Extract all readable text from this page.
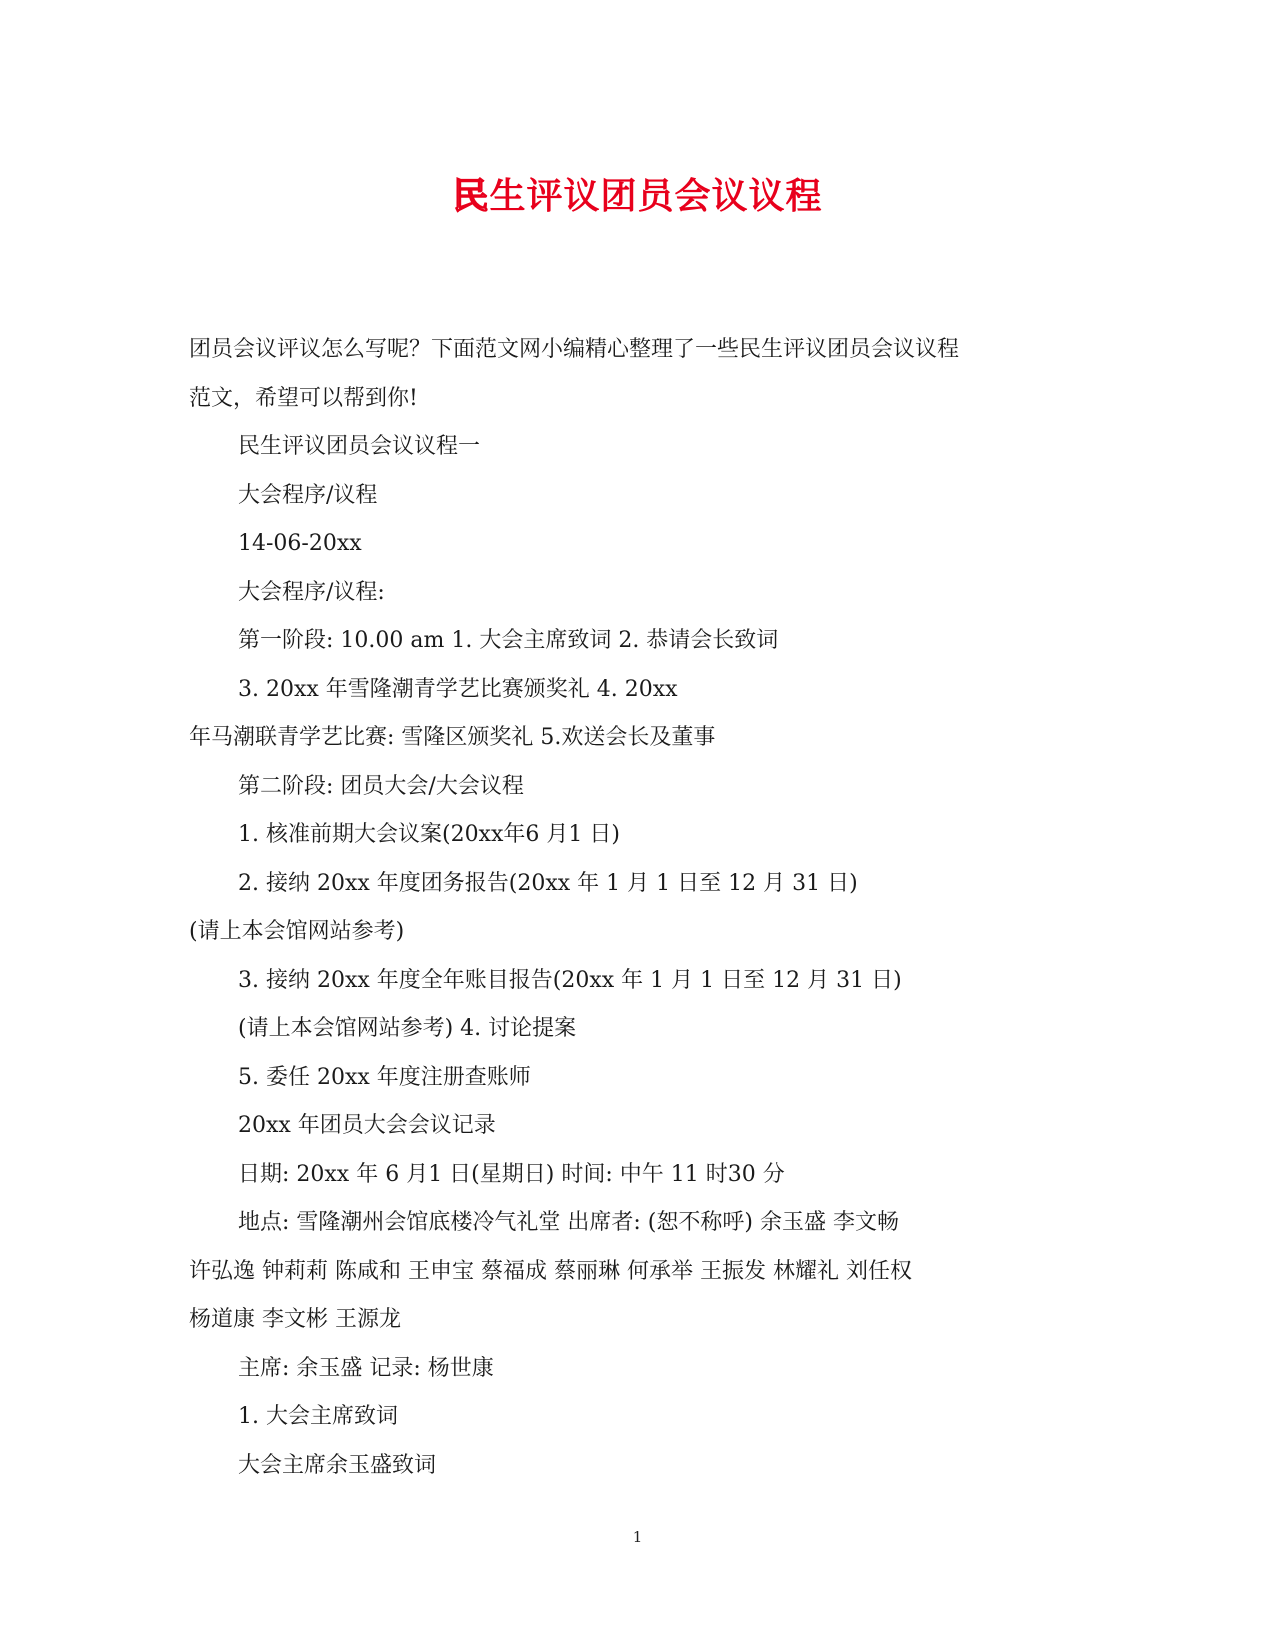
民生评议团员会议议程
团员会议评议怎么写呢？下面范文网小编精心整理了一些民生评议团员会议议程
范文，希望可以帮到你!
民生评议团员会议议程一
大会程序/议程
14-06-20xx
大会程序/议程:
第一阶段: 10.00 am 1. 大会主席致词 2. 恭请会长致词
3. 20xx 年雪隆潮青学艺比赛颁奖礼 4. 20xx
年马潮联青学艺比赛: 雪隆区颁奖礼 5.欢送会长及董事
第二阶段: 团员大会/大会议程
1. 核准前期大会议案(20xx年6 月1 日)
2. 接纳 20xx 年度团务报告(20xx 年 1 月 1 日至 12 月 31 日)
(请上本会馆网站参考)
3. 接纳 20xx 年度全年账目报告(20xx 年 1 月 1 日至 12 月 31 日)
(请上本会馆网站参考) 4. 讨论提案
5. 委任 20xx 年度注册查账师
20xx 年团员大会会议记录
日期: 20xx 年 6 月1 日(星期日) 时间: 中午 11 时30 分
地点: 雪隆潮州会馆底楼冷气礼堂 出席者: (恕不称呼) 余玉盛 李文畅
许弘逸 钟莉莉 陈咸和 王申宝 蔡福成 蔡丽琳 何承举 王振发 林耀礼 刘任权
杨道康 李文彬 王源龙
主席: 余玉盛 记录: 杨世康
1. 大会主席致词
大会主席余玉盛致词
1
